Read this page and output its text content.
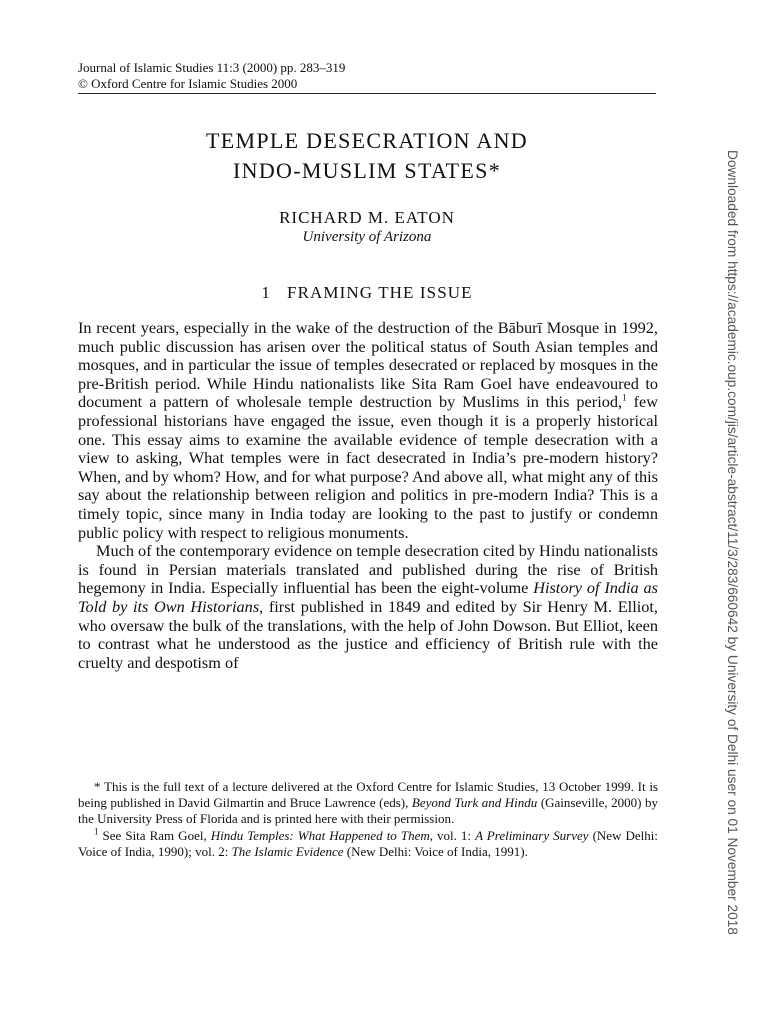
Journal of Islamic Studies 11:3 (2000) pp. 283–319
© Oxford Centre for Islamic Studies 2000
TEMPLE DESECRATION AND
INDO-MUSLIM STATES*
RICHARD M. EATON
University of Arizona
1 FRAMING THE ISSUE

In recent years, especially in the wake of the destruction of the Bāburī Mosque in 1992, much public discussion has arisen over the political status of South Asian temples and mosques, and in particular the issue of temples desecrated or replaced by mosques in the pre-British period. While Hindu nationalists like Sita Ram Goel have endeavoured to document a pattern of wholesale temple destruction by Muslims in this period,$^1$ few professional historians have engaged the issue, even though it is a properly historical one. This essay aims to examine the available evidence of temple desecration with a view to asking, What temples were in fact desecrated in India’s pre-modern history? When, and by whom? How, and for what purpose? And above all, what might any of this say about the relationship between religion and politics in pre-modern India? This is a timely topic, since many in India today are looking to the past to justify or condemn public policy with respect to religious monuments.

Much of the contemporary evidence on temple desecration cited by Hindu nationalists is found in Persian materials translated and published during the rise of British hegemony in India. Especially influential has been the eight-volume History of India as Told by its Own Historians, first published in 1849 and edited by Sir Henry M. Elliot, who oversaw the bulk of the translations, with the help of John Dowson. But Elliot, keen to contrast what he understood as the justice and efficiency of British rule with the cruelty and despotism of

* This is the full text of a lecture delivered at the Oxford Centre for Islamic Studies, 13 October 1999. It is being published in David Gilmartin and Bruce Lawrence (eds), Beyond Turk and Hindu (Gainseville, 2000) by the University Press of Florida and is printed here with their permission.

$^1$ See Sita Ram Goel, Hindu Temples: What Happened to Them, vol. 1: A Preliminary Survey (New Delhi: Voice of India, 1990); vol. 2: The Islamic Evidence (New Delhi: Voice of India, 1991).	Downloaded from https://academic.oup.com/jis/article-abstract/11/3/283/660642 by University of Delhi user on 01 November 2018
